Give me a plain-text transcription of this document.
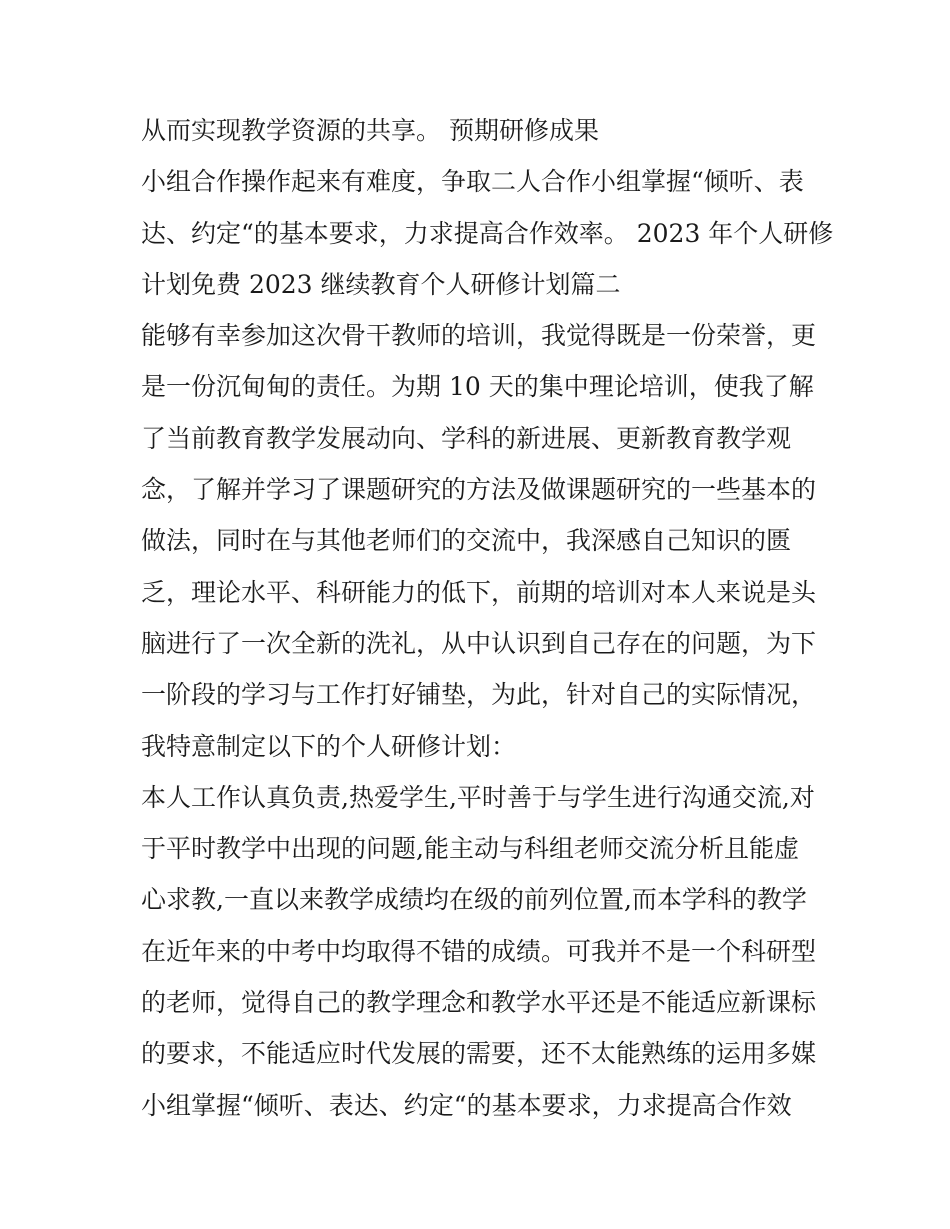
从而实现教学资源的共享。 预期研修成果
小组合作操作起来有难度，争取二人合作小组掌握“倾听、表
达、约定“的基本要求，力求提高合作效率。 2023 年个人研修
计划免费 2023 继续教育个人研修计划篇二
能够有幸参加这次骨干教师的培训，我觉得既是一份荣誉，更
是一份沉甸甸的责任。为期 10 天的集中理论培训，使我了解
了当前教育教学发展动向、学科的新进展、更新教育教学观
念，了解并学习了课题研究的方法及做课题研究的一些基本的
做法，同时在与其他老师们的交流中，我深感自己知识的匮
乏，理论水平、科研能力的低下，前期的培训对本人来说是头
脑进行了一次全新的洗礼，从中认识到自己存在的问题，为下
一阶段的学习与工作打好铺垫，为此，针对自己的实际情况，
我特意制定以下的个人研修计划：
本人工作认真负责,热爱学生,平时善于与学生进行沟通交流,对
于平时教学中出现的问题,能主动与科组老师交流分析且能虚
心求教,一直以来教学成绩均在级的前列位置,而本学科的教学
在近年来的中考中均取得不错的成绩。可我并不是一个科研型
的老师，觉得自己的教学理念和教学水平还是不能适应新课标
的要求，不能适应时代发展的需要，还不太能熟练的运用多媒
小组掌握“倾听、表达、约定“的基本要求，力求提高合作效
